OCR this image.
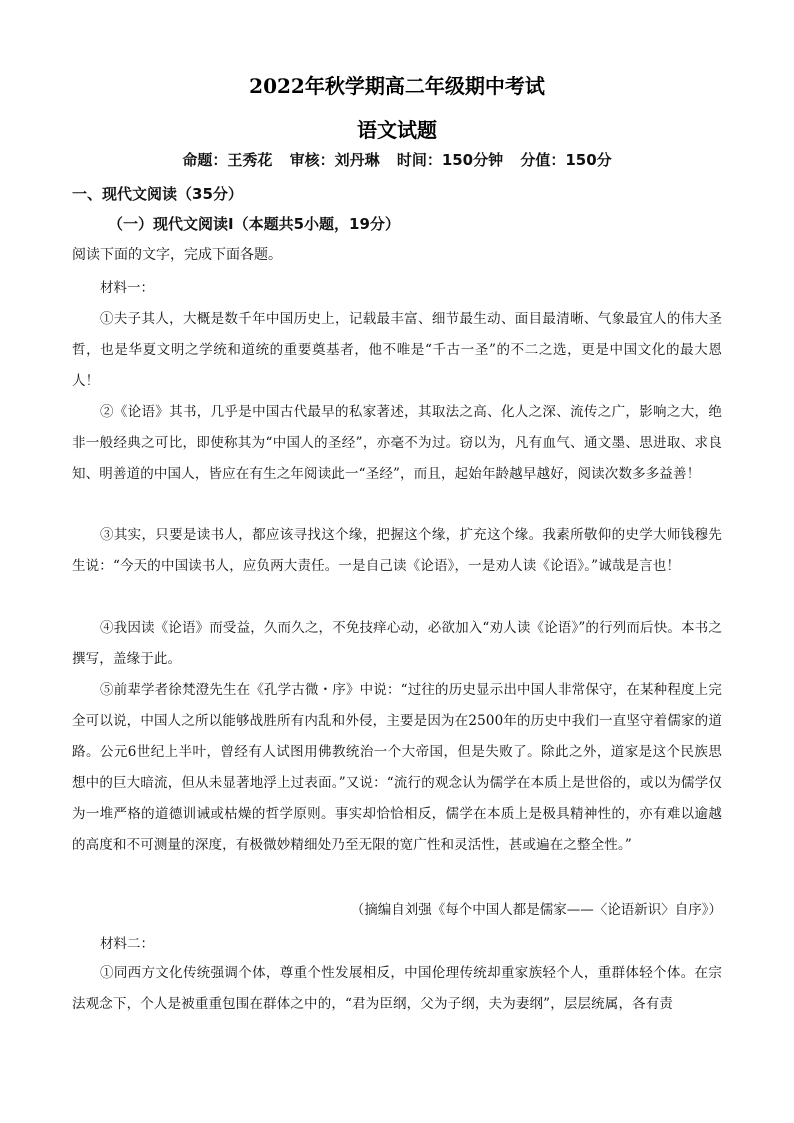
2022年秋学期高二年级期中考试
语文试题
命题：王秀花 审核：刘丹琳 时间：150分钟 分值：150分
一、现代文阅读（35分）
（一）现代文阅读Ⅰ（本题共5小题，19分）
阅读下面的文字，完成下面各题。
材料一：
①夫子其人，大概是数千年中国历史上，记载最丰富、细节最生动、面目最清晰、气象最宜人的伟大圣哲，也是华夏文明之学统和道统的重要奠基者，他不唯是“千古一圣”的不二之选，更是中国文化的最大恩人！
②《论语》其书，几乎是中国古代最早的私家著述，其取法之高、化人之深、流传之广，影响之大，绝非一般经典之可比，即使称其为“中国人的圣经”，亦毫不为过。窃以为，凡有血气、通文墨、思进取、求良知、明善道的中国人，皆应在有生之年阅读此一“圣经”，而且，起始年龄越早越好，阅读次数多多益善！
③其实，只要是读书人，都应该寻找这个缘，把握这个缘，扩充这个缘。我素所敬仰的史学大师钱穆先生说：“今天的中国读书人，应负两大责任。一是自己读《论语》，一是劝人读《论语》。”诚哉是言也！
④我因读《论语》而受益，久而久之，不免技痒心动，必欲加入“劝人读《论语》”的行列而后快。本书之撰写，盖缘于此。
⑤前辈学者徐梵澄先生在《孔学古微・序》中说：“过往的历史显示出中国人非常保守，在某种程度上完全可以说，中国人之所以能够战胜所有内乱和外侵，主要是因为在2500年的历史中我们一直坚守着儒家的道路。公元6世纪上半叶，曾经有人试图用佛教统治一个大帝国，但是失败了。除此之外，道家是这个民族思想中的巨大暗流，但从未显著地浮上过表面。”又说：“流行的观念认为儒学在本质上是世俗的，或以为儒学仅为一堆严格的道德训诫或枯燥的哲学原则。事实却恰恰相反，儒学在本质上是极具精神性的，亦有难以逾越的高度和不可测量的深度，有极微妙精细处乃至无限的宽广性和灵活性，甚或遍在之整全性。”
（摘编自刘强《每个中国人都是儒家——〈论语新识〉自序》）
材料二：
①同西方文化传统强调个体，尊重个性发展相反，中国伦理传统却重家族轻个人，重群体轻个体。在宗法观念下，个人是被重重包围在群体之中的，“君为臣纲，父为子纲，夫为妻纲”，层层统属，各有责
